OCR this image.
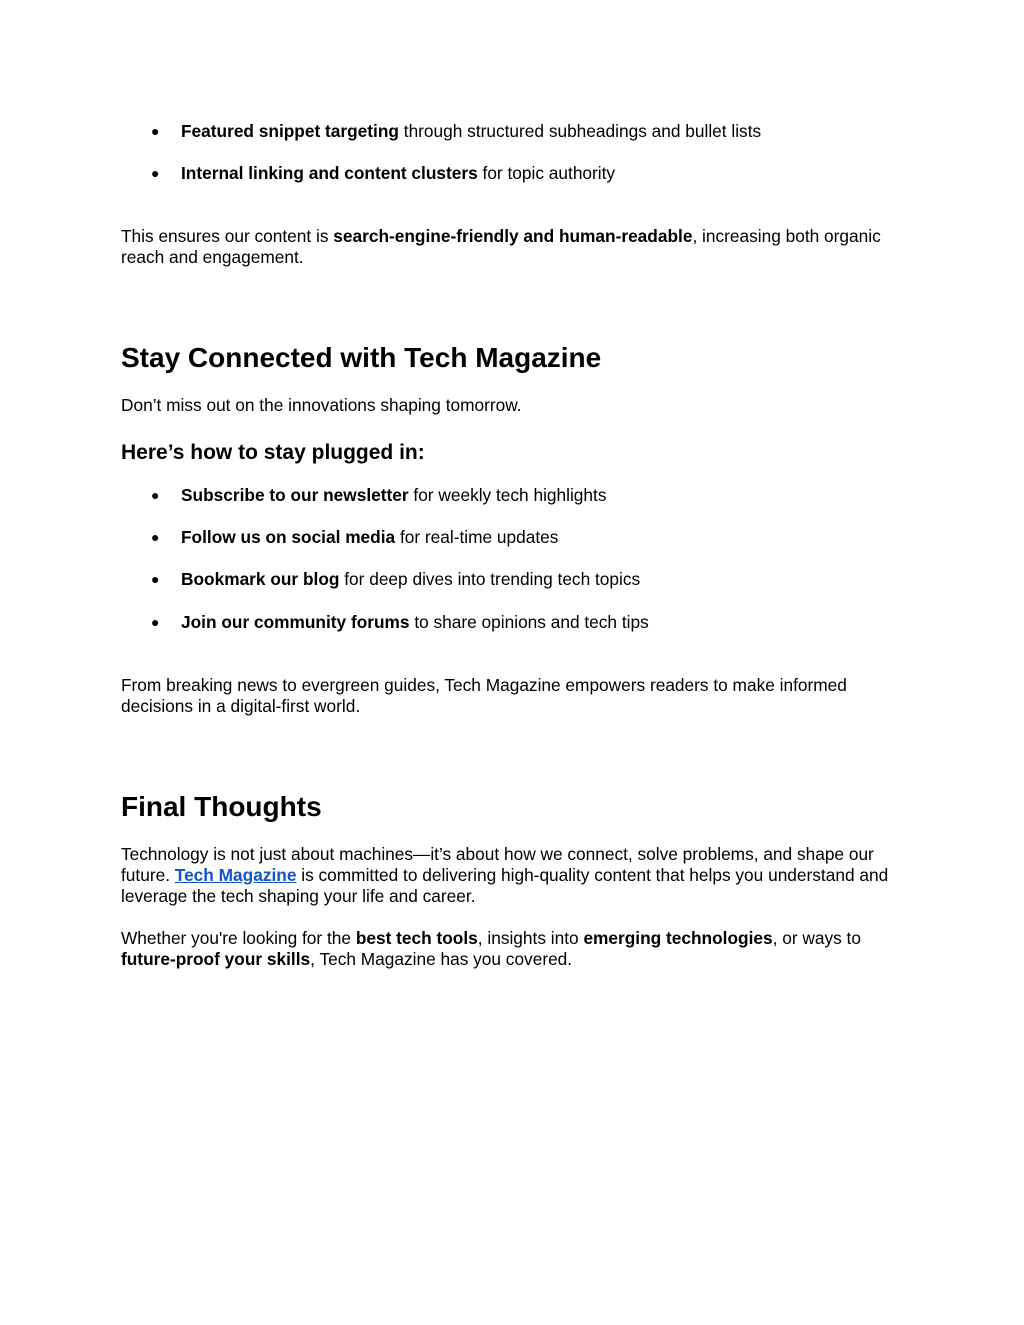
● Featured snippet targeting through structured subheadings and bullet lists
● Internal linking and content clusters for topic authority
This ensures our content is search-engine-friendly and human-readable, increasing both organic reach and engagement.
Stay Connected with Tech Magazine
Don’t miss out on the innovations shaping tomorrow.
Here’s how to stay plugged in:
● Subscribe to our newsletter for weekly tech highlights
● Follow us on social media for real-time updates
● Bookmark our blog for deep dives into trending tech topics
● Join our community forums to share opinions and tech tips
From breaking news to evergreen guides, Tech Magazine empowers readers to make informed decisions in a digital-first world.
Final Thoughts
Technology is not just about machines—it’s about how we connect, solve problems, and shape our future. Tech Magazine is committed to delivering high-quality content that helps you understand and leverage the tech shaping your life and career.
Whether you're looking for the best tech tools, insights into emerging technologies, or ways to future-proof your skills, Tech Magazine has you covered.
